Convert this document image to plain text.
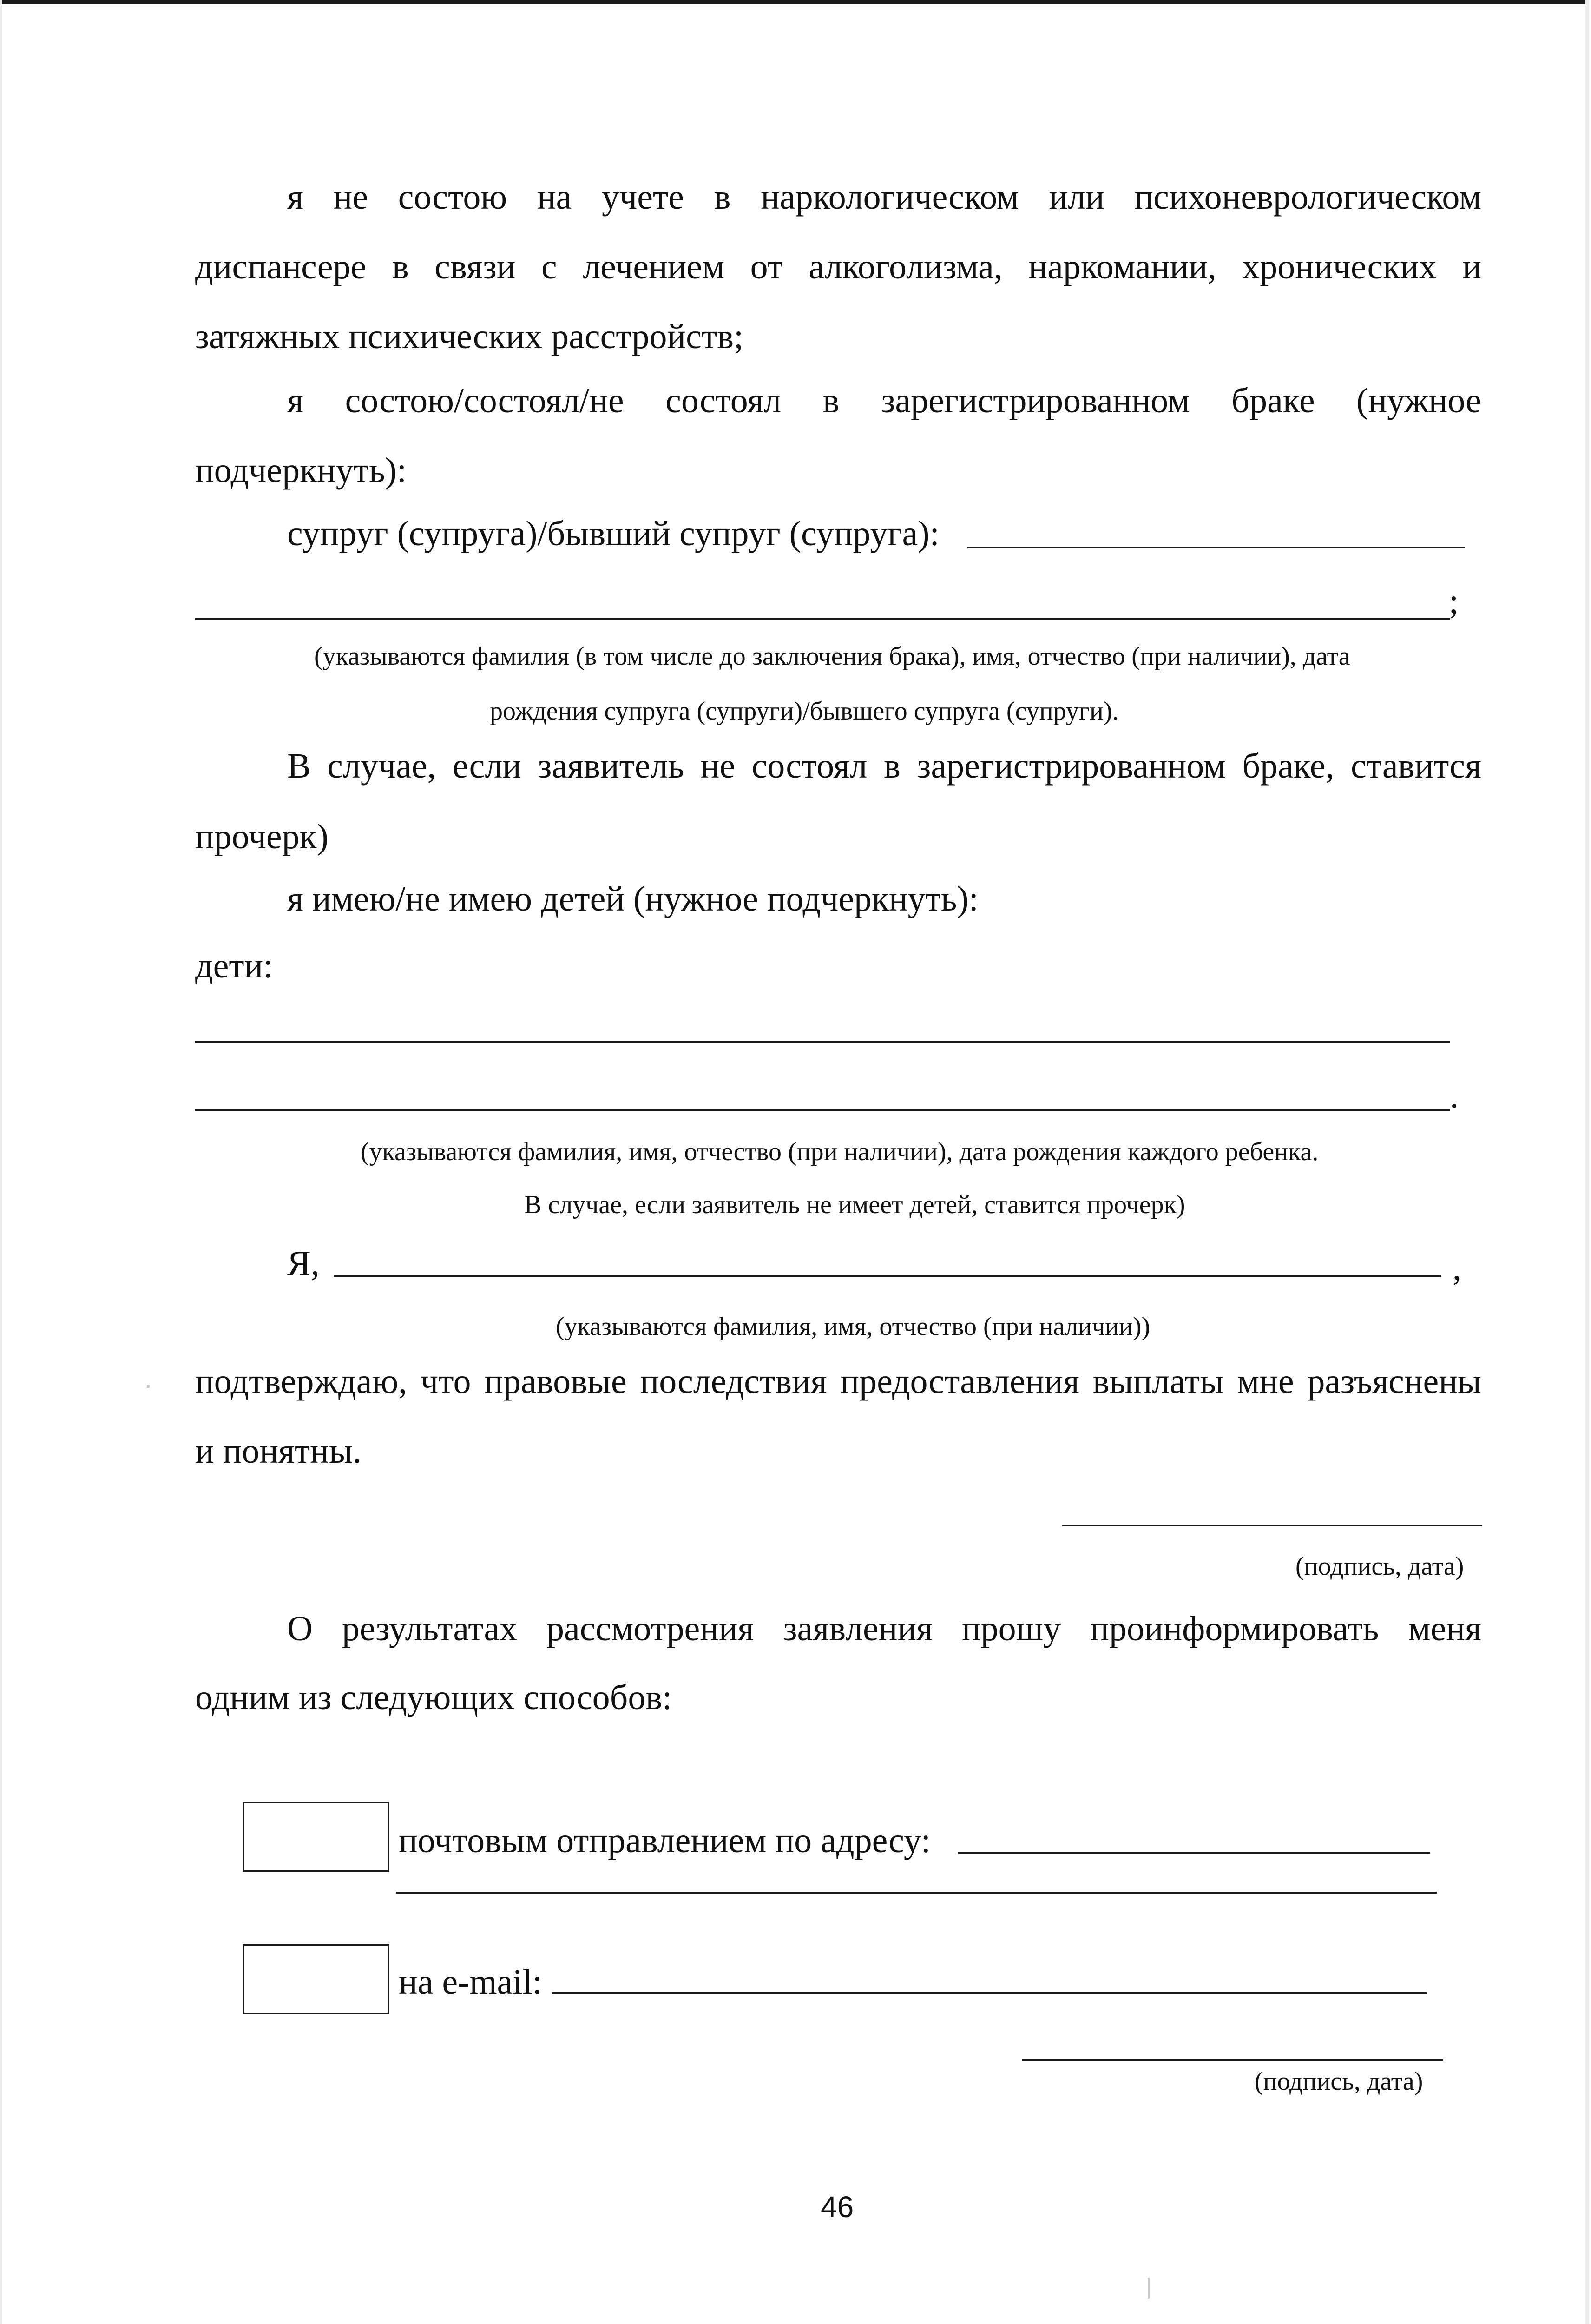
я не состою на учете в наркологическом или психоневрологическом
диспансере в связи с лечением от алкоголизма, наркомании, хронических и
затяжных психических расстройств;
я состою/состоял/не состоял в зарегистрированном браке (нужное
подчеркнуть):
супруг (супруга)/бывший супруг (супруга):
;
(указываются фамилия (в том числе до заключения брака), имя, отчество (при наличии), дата
рождения супруга (супруги)/бывшего супруга (супруги).
В случае, если заявитель не состоял в зарегистрированном браке, ставится
прочерк)
я имею/не имею детей (нужное подчеркнуть):
дети:
.
(указываются фамилия, имя, отчество (при наличии), дата рождения каждого ребенка.
В случае, если заявитель не имеет детей, ставится прочерк)
Я,	,
(указываются фамилия, имя, отчество (при наличии))
подтверждаю, что правовые последствия предоставления выплаты мне разъяснены
и понятны.
(подпись, дата)
О результатах рассмотрения заявления прошу проинформировать меня
одним из следующих способов:
почтовым отправлением по адресу:
на e-mail:
(подпись, дата)
46
